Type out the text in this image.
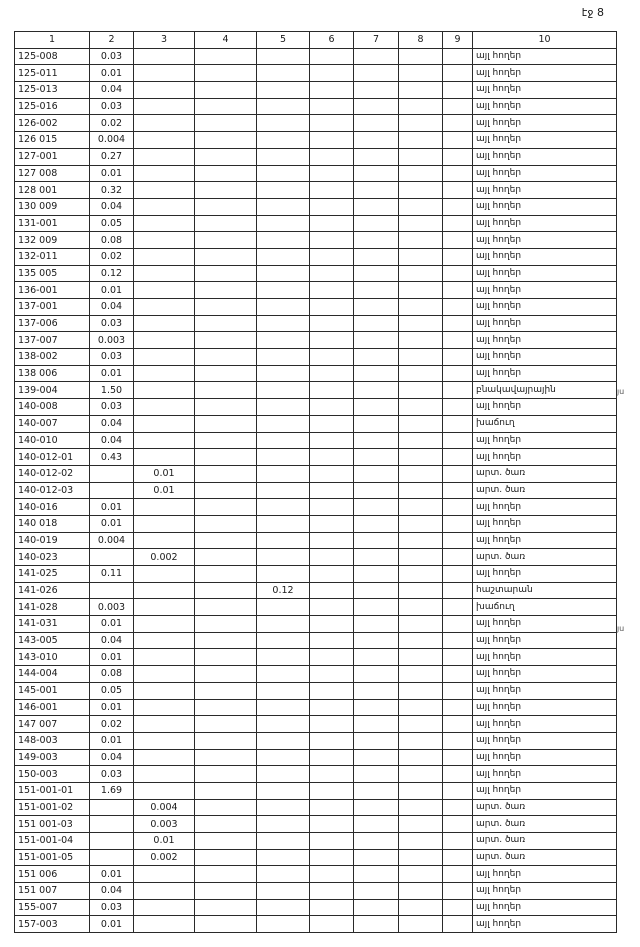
էջ 8
1	2	3	4	5	6	7	8	9	10
125-008	0.03								այլ հողեր
125-011	0.01								այլ հողեր
125-013	0.04								այլ հողեր
125-016	0.03								այլ հողեր
126-002	0.02								այլ հողեր
126 015	0.004								այլ հողեր
127-001	0.27								այլ հողեր
127 008	0.01								այլ հողեր
128 001	0.32								այլ հողեր
130 009	0.04								այլ հողեր
131-001	0.05								այլ հողեր
132 009	0.08								այլ հողեր
132-011	0.02								այլ հողեր
135 005	0.12								այլ հողեր
136-001	0.01								այլ հողեր
137-001	0.04								այլ հողեր
137-006	0.03								այլ հողեր
137-007	0.003								այլ հողեր
138-002	0.03								այլ հողեր
138 006	0.01								այլ հողեր
139-004	1.50								բնակավայրային
140-008	0.03								այլ հողեր
140-007	0.04								խաճուղ
140-010	0.04								այլ հողեր
140-012-01	0.43								այլ հողեր
140-012-02		0.01							արտ. ծառ
140-012-03		0.01							արտ. ծառ
140-016	0.01								այլ հողեր
140 018	0.01								այլ հողեր
140-019	0.004								այլ հողեր
140-023		0.002							արտ. ծառ
141-025	0.11								այլ հողեր
141-026				0.12					հաշտարան
141-028	0.003								խաճուղ
141-031	0.01								այլ հողեր
143-005	0.04								այլ հողեր
143-010	0.01								այլ հողեր
144-004	0.08								այլ հողեր
145-001	0.05								այլ հողեր
146-001	0.01								այլ հողեր
147 007	0.02								այլ հողեր
148-003	0.01								այլ հողեր
149-003	0.04								այլ հողեր
150-003	0.03								այլ հողեր
151-001-01	1.69								այլ հողեր
151-001-02		0.004							արտ. ծառ
151 001-03		0.003							արտ. ծառ
151-001-04		0.01							արտ. ծառ
151-001-05		0.002							արտ. ծառ
151 006	0.01								այլ հողեր
151 007	0.04								այլ հողեր
155-007	0.03								այլ հողեր
157-003	0.01								այլ հողեր
յս
յս
